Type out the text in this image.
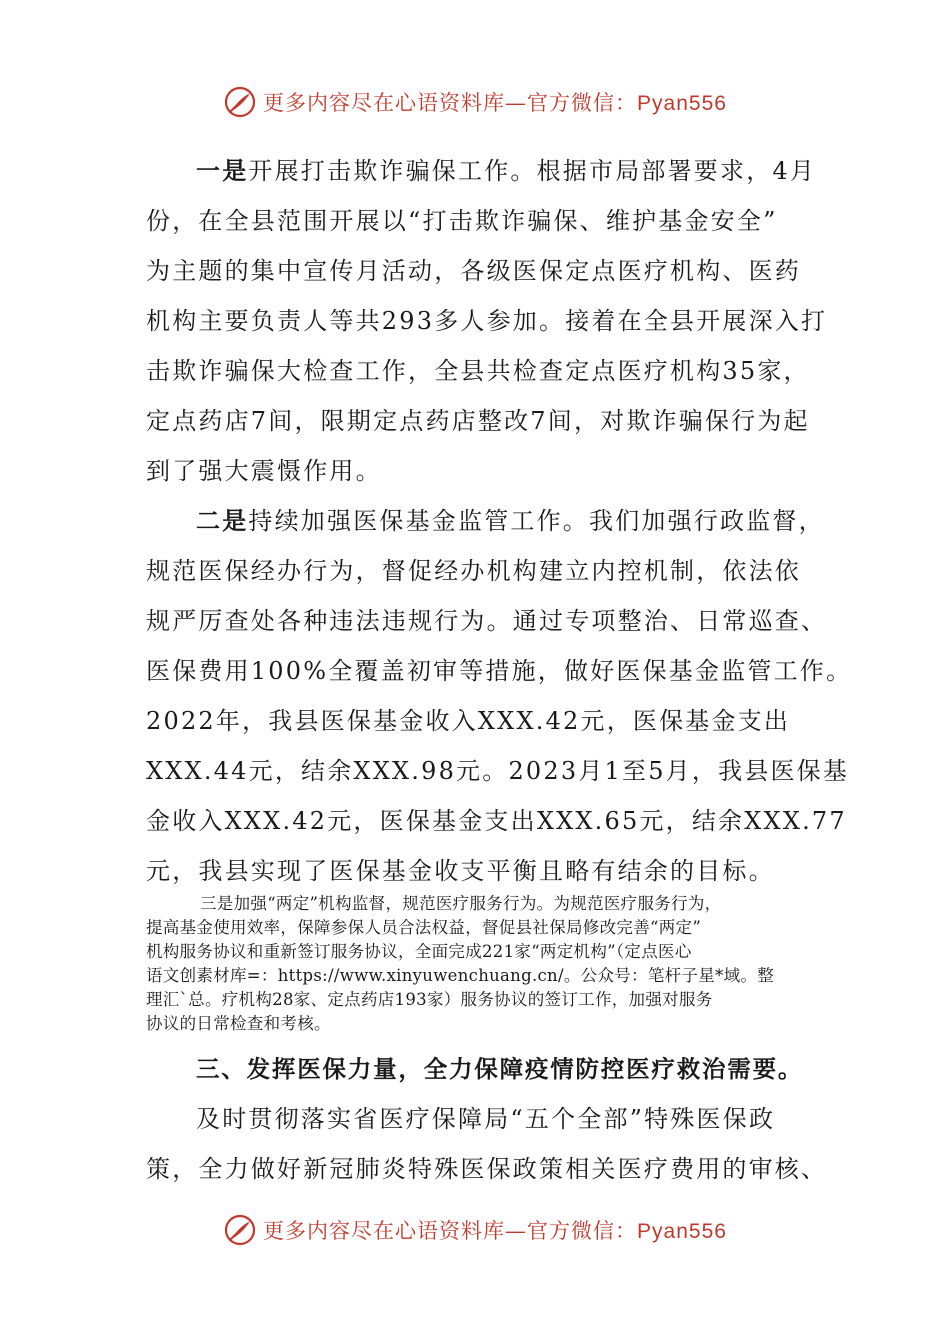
更多内容尽在心语资料库—官方微信：Pyan556
一是开展打击欺诈骗保工作。根据市局部署要求，4月
份，在全县范围开展以“打击欺诈骗保、维护基金安全”
为主题的集中宣传月活动，各级医保定点医疗机构、医药
机构主要负责人等共293多人参加。接着在全县开展深入打
击欺诈骗保大检查工作，全县共检查定点医疗机构35家，
定点药店7间，限期定点药店整改7间，对欺诈骗保行为起
到了强大震慑作用。
二是持续加强医保基金监管工作。我们加强行政监督，
规范医保经办行为，督促经办机构建立内控机制，依法依
规严厉查处各种违法违规行为。通过专项整治、日常巡查、
医保费用100%全覆盖初审等措施，做好医保基金监管工作。
2022年，我县医保基金收入XXX.42元，医保基金支出
XXX.44元，结余XXX.98元。2023月1至5月，我县医保基
金收入XXX.42元，医保基金支出XXX.65元，结余XXX.77
元，我县实现了医保基金收支平衡且略有结余的目标。
三是加强“两定”机构监督，规范医疗服务行为。为规范医疗服务行为，
提高基金使用效率，保障参保人员合法权益，督促县社保局修改完善“两定”
机构服务协议和重新签订服务协议，全面完成221家“两定机构”（定点医心
语文创素材库=：https://www.xinyuwenchuang.cn/。公众号：笔杆子星*域。整
理汇`总。疗机构28家、定点药店193家）服务协议的签订工作，加强对服务
协议的日常检查和考核。
三、发挥医保力量，全力保障疫情防控医疗救治需要。
及时贯彻落实省医疗保障局“五个全部”特殊医保政
策，全力做好新冠肺炎特殊医保政策相关医疗费用的审核、
更多内容尽在心语资料库—官方微信：Pyan556
